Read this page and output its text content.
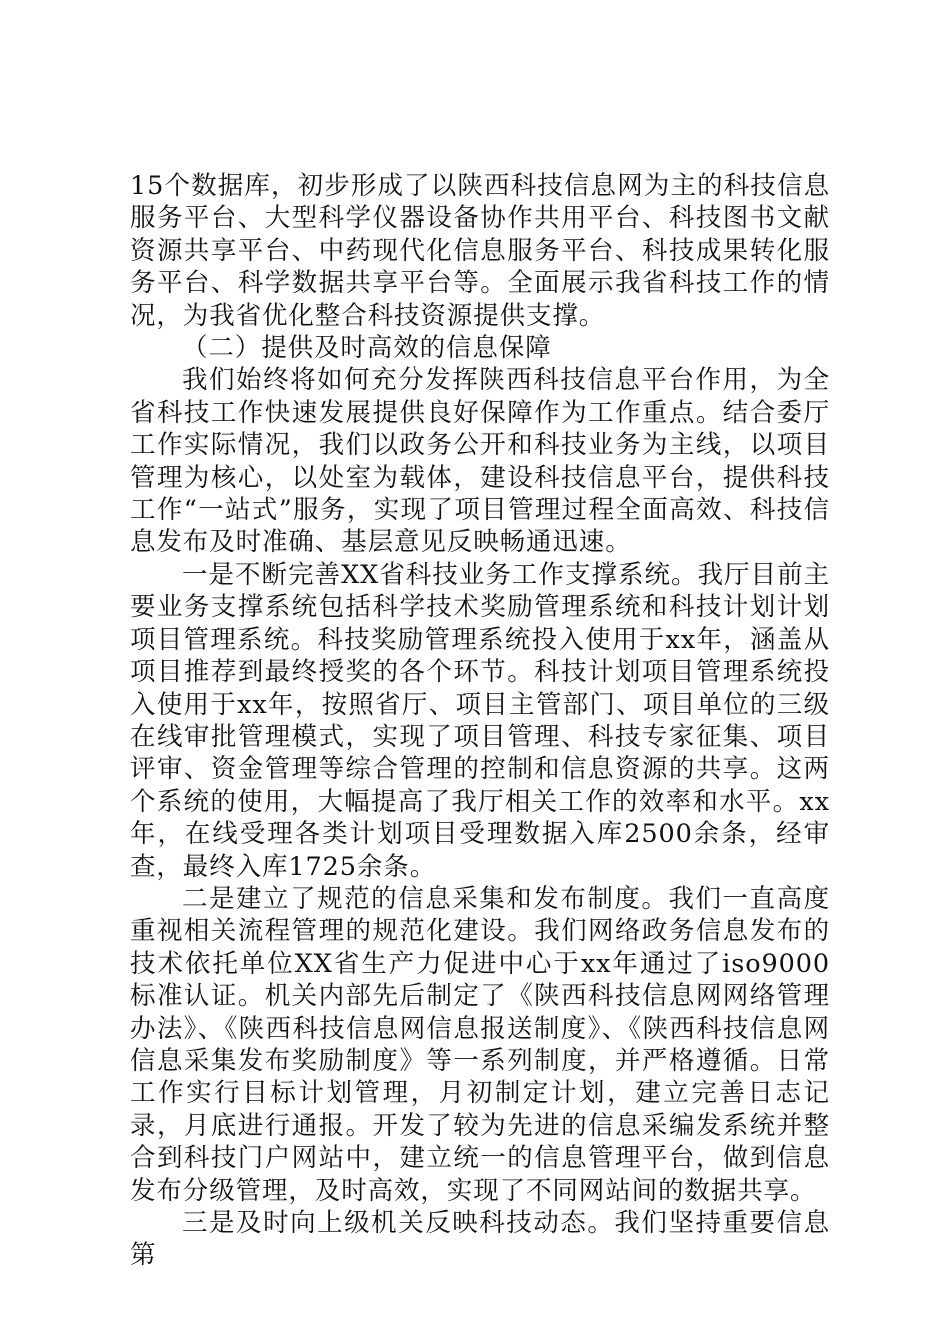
15个数据库，初步形成了以陕西科技信息网为主的科技信息服务平台、大型科学仪器设备协作共用平台、科技图书文献资源共享平台、中药现代化信息服务平台、科技成果转化服务平台、科学数据共享平台等。全面展示我省科技工作的情况，为我省优化整合科技资源提供支撑。

（二）提供及时高效的信息保障

我们始终将如何充分发挥陕西科技信息平台作用，为全省科技工作快速发展提供良好保障作为工作重点。结合委厅工作实际情况，我们以政务公开和科技业务为主线，以项目管理为核心，以处室为载体，建设科技信息平台，提供科技工作“一站式”服务，实现了项目管理过程全面高效、科技信息发布及时准确、基层意见反映畅通迅速。

一是不断完善XX省科技业务工作支撑系统。我厅目前主要业务支撑系统包括科学技术奖励管理系统和科技计划计划项目管理系统。科技奖励管理系统投入使用于xx年，涵盖从项目推荐到最终授奖的各个环节。科技计划项目管理系统投入使用于xx年，按照省厅、项目主管部门、项目单位的三级在线审批管理模式，实现了项目管理、科技专家征集、项目评审、资金管理等综合管理的控制和信息资源的共享。这两个系统的使用，大幅提高了我厅相关工作的效率和水平。xx年，在线受理各类计划项目受理数据入库2500余条，经审查，最终入库1725余条。

二是建立了规范的信息采集和发布制度。我们一直高度重视相关流程管理的规范化建设。我们网络政务信息发布的技术依托单位XX省生产力促进中心于xx年通过了iso9000标准认证。机关内部先后制定了《陕西科技信息网网络管理办法》、《陕西科技信息网信息报送制度》、《陕西科技信息网信息采集发布奖励制度》等一系列制度，并严格遵循。日常工作实行目标计划管理，月初制定计划，建立完善日志记录，月底进行通报。开发了较为先进的信息采编发系统并整合到科技门户网站中，建立统一的信息管理平台，做到信息发布分级管理，及时高效，实现了不同网站间的数据共享。

三是及时向上级机关反映科技动态。我们坚持重要信息第
